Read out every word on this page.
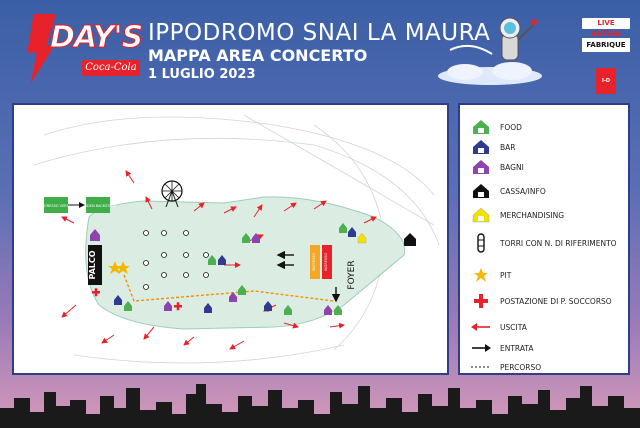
DAY'S
Coca-Cola
IPPODROMO SNAI LA MAURA
MAPPA AREA CONCERTO
1 LUGLIO 2023
LIVE NATION
FABRIQUE
I-D
PALCO
INGRESSO VERDE GARDEN BACKSTAGE
INGRESSO INGRESSO FOYER
FOOD
BAR
BAGNI
CASSA/INFO
MERCHANDISING
TORRI CON N. DI RIFERIMENTO
PIT
POSTAZIONE DI P. SOCCORSO
USCITA
ENTRATA
PERCORSO
